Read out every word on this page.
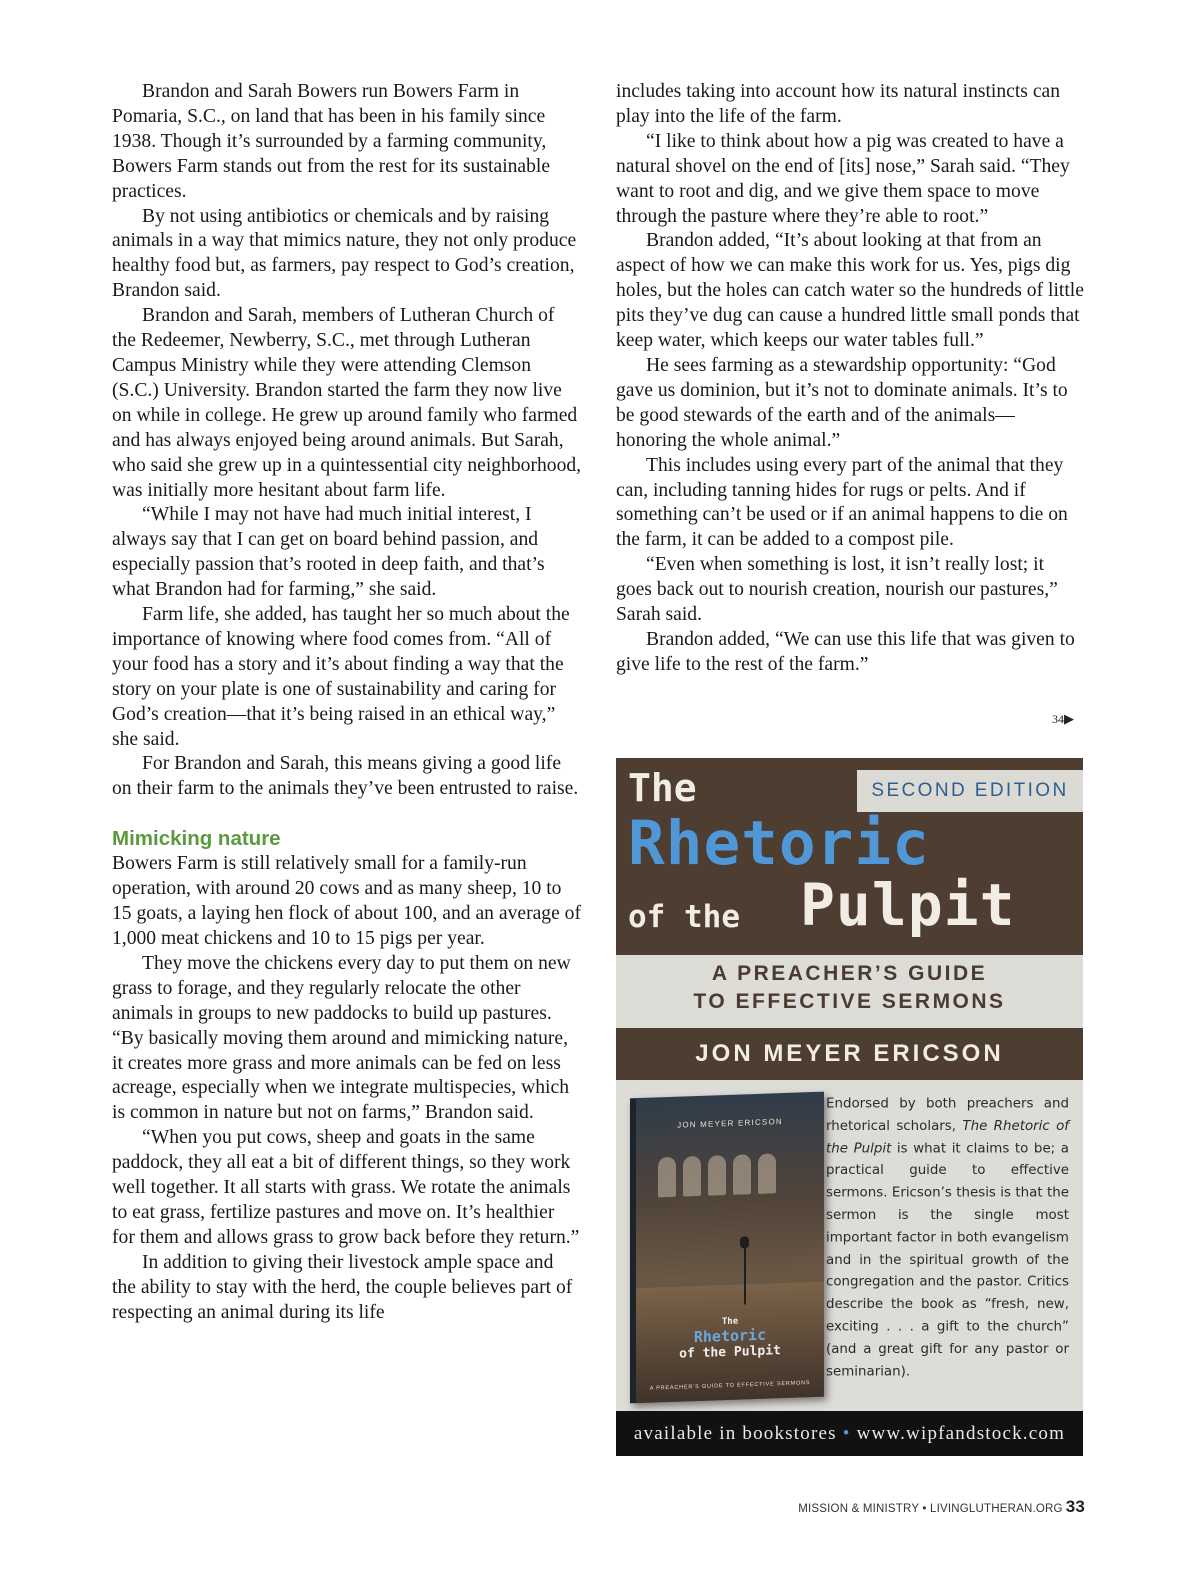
Brandon and Sarah Bowers run Bowers Farm in Pomaria, S.C., on land that has been in his family since 1938. Though it’s surrounded by a farming community, Bowers Farm stands out from the rest for its sustainable practices.

By not using antibiotics or chemicals and by raising animals in a way that mimics nature, they not only produce healthy food but, as farmers, pay respect to God’s creation, Brandon said.

Brandon and Sarah, members of Lutheran Church of the Redeemer, Newberry, S.C., met through Lutheran Campus Ministry while they were attending Clemson (S.C.) University. Brandon started the farm they now live on while in college. He grew up around family who farmed and has always enjoyed being around animals. But Sarah, who said she grew up in a quintessential city neighborhood, was initially more hesitant about farm life.

“While I may not have had much initial interest, I always say that I can get on board behind passion, and especially passion that’s rooted in deep faith, and that’s what Brandon had for farming,” she said.

Farm life, she added, has taught her so much about the importance of knowing where food comes from. “All of your food has a story and it’s about finding a way that the story on your plate is one of sustainability and caring for God’s creation—that it’s being raised in an ethical way,” she said.

For Brandon and Sarah, this means giving a good life on their farm to the animals they’ve been entrusted to raise.

Mimicking nature

Bowers Farm is still relatively small for a family-run operation, with around 20 cows and as many sheep, 10 to 15 goats, a laying hen flock of about 100, and an average of 1,000 meat chickens and 10 to 15 pigs per year.

They move the chickens every day to put them on new grass to forage, and they regularly relocate the other animals in groups to new paddocks to build up pastures. “By basically moving them around and mimicking nature, it creates more grass and more animals can be fed on less acreage, especially when we integrate multispecies, which is common in nature but not on farms,” Brandon said.

“When you put cows, sheep and goats in the same paddock, they all eat a bit of different things, so they work well together. It all starts with grass. We rotate the animals to eat grass, fertilize pastures and move on. It’s healthier for them and allows grass to grow back before they return.”

In addition to giving their livestock ample space and the ability to stay with the herd, the couple believes part of respecting an animal during its life

includes taking into account how its natural instincts can play into the life of the farm.

“I like to think about how a pig was created to have a natural shovel on the end of [its] nose,” Sarah said. “They want to root and dig, and we give them space to move through the pasture where they’re able to root.”

Brandon added, “It’s about looking at that from an aspect of how we can make this work for us. Yes, pigs dig holes, but the holes can catch water so the hundreds of little pits they’ve dug can cause a hundred little small ponds that keep water, which keeps our water tables full.”

He sees farming as a stewardship opportunity: “God gave us dominion, but it’s not to dominate animals. It’s to be good stewards of the earth and of the animals—honoring the whole animal.”

This includes using every part of the animal that they can, including tanning hides for rugs or pelts. And if something can’t be used or if an animal happens to die on the farm, it can be added to a compost pile.

“Even when something is lost, it isn’t really lost; it goes back out to nourish creation, nourish our pastures,” Sarah said.

Brandon added, “We can use this life that was given to give life to the rest of the farm.”

34▶
SECOND EDITION
The
Rhetoric
of the Pulpit
A PREACHER’S GUIDE
TO EFFECTIVE SERMONS
JON MEYER ERICSON
JON MEYER ERICSON
The
Rhetoric
of the Pulpit
A PREACHER’S GUIDE TO EFFECTIVE SERMONS
Endorsed by both preachers and rhetorical scholars, The Rhetoric of the Pulpit is what it claims to be; a practical guide to effective sermons. Ericson’s thesis is that the sermon is the single most important factor in both evangelism and in the spiritual growth of the congregation and the pastor. Critics describe the book as “fresh, new, exciting . . . a gift to the church” (and a great gift for any pastor or seminarian).
available in bookstores • www.wipfandstock.com
MISSION & MINISTRY • LIVINGLUTHERAN.ORG 33
